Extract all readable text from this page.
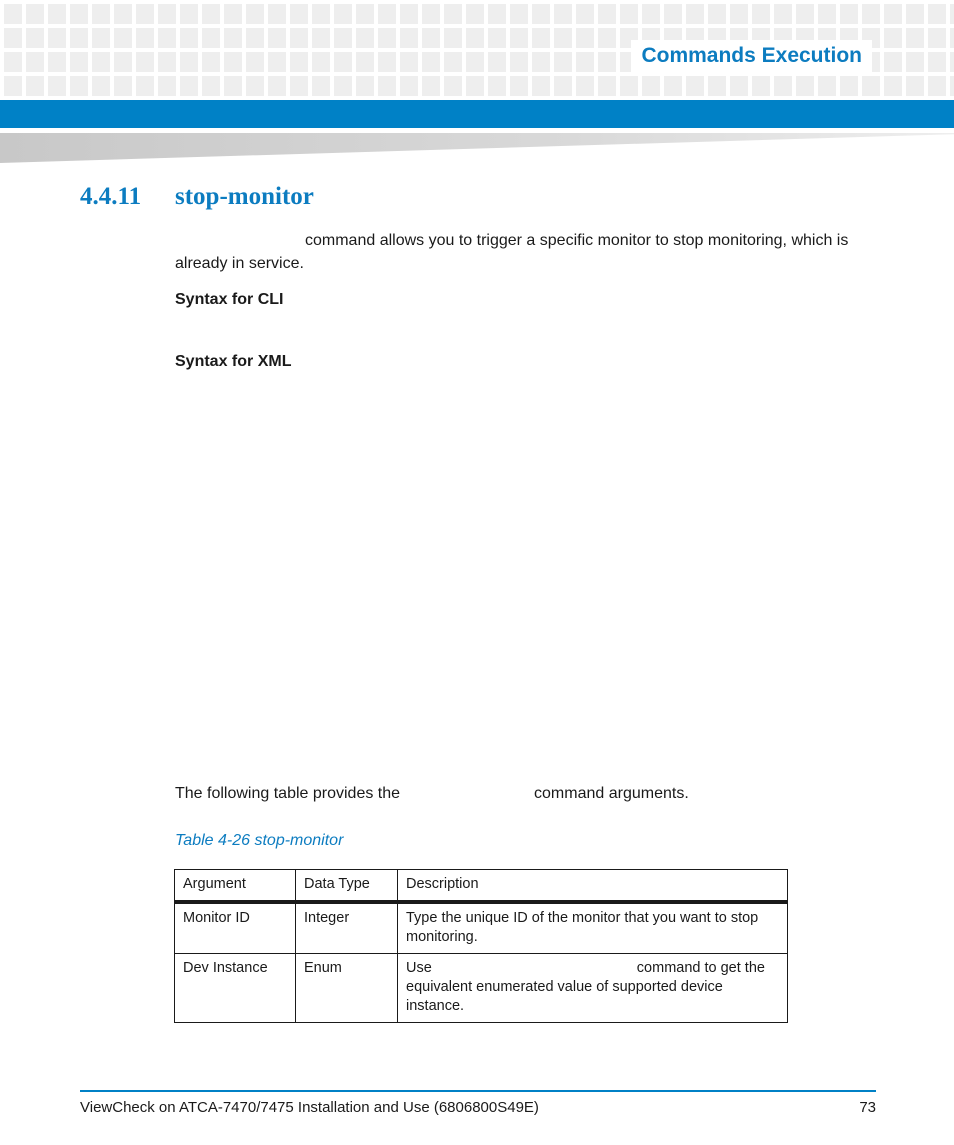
Commands Execution
4.4.11 stop-monitor

command allows you to trigger a specific monitor to stop monitoring, which is already in service.

Syntax for CLI

Syntax for XML

The following table provides the	command arguments.

Table 4-26 stop-monitor

Argument	Data Type	Description
Monitor ID	Integer	Type the unique ID of the monitor that you want to stop monitoring.
Dev Instance	Enum	Use command to get the equivalent enumerated value of supported device instance.

ViewCheck on ATCA-7470/7475 Installation and Use (6806800S49E)	73
